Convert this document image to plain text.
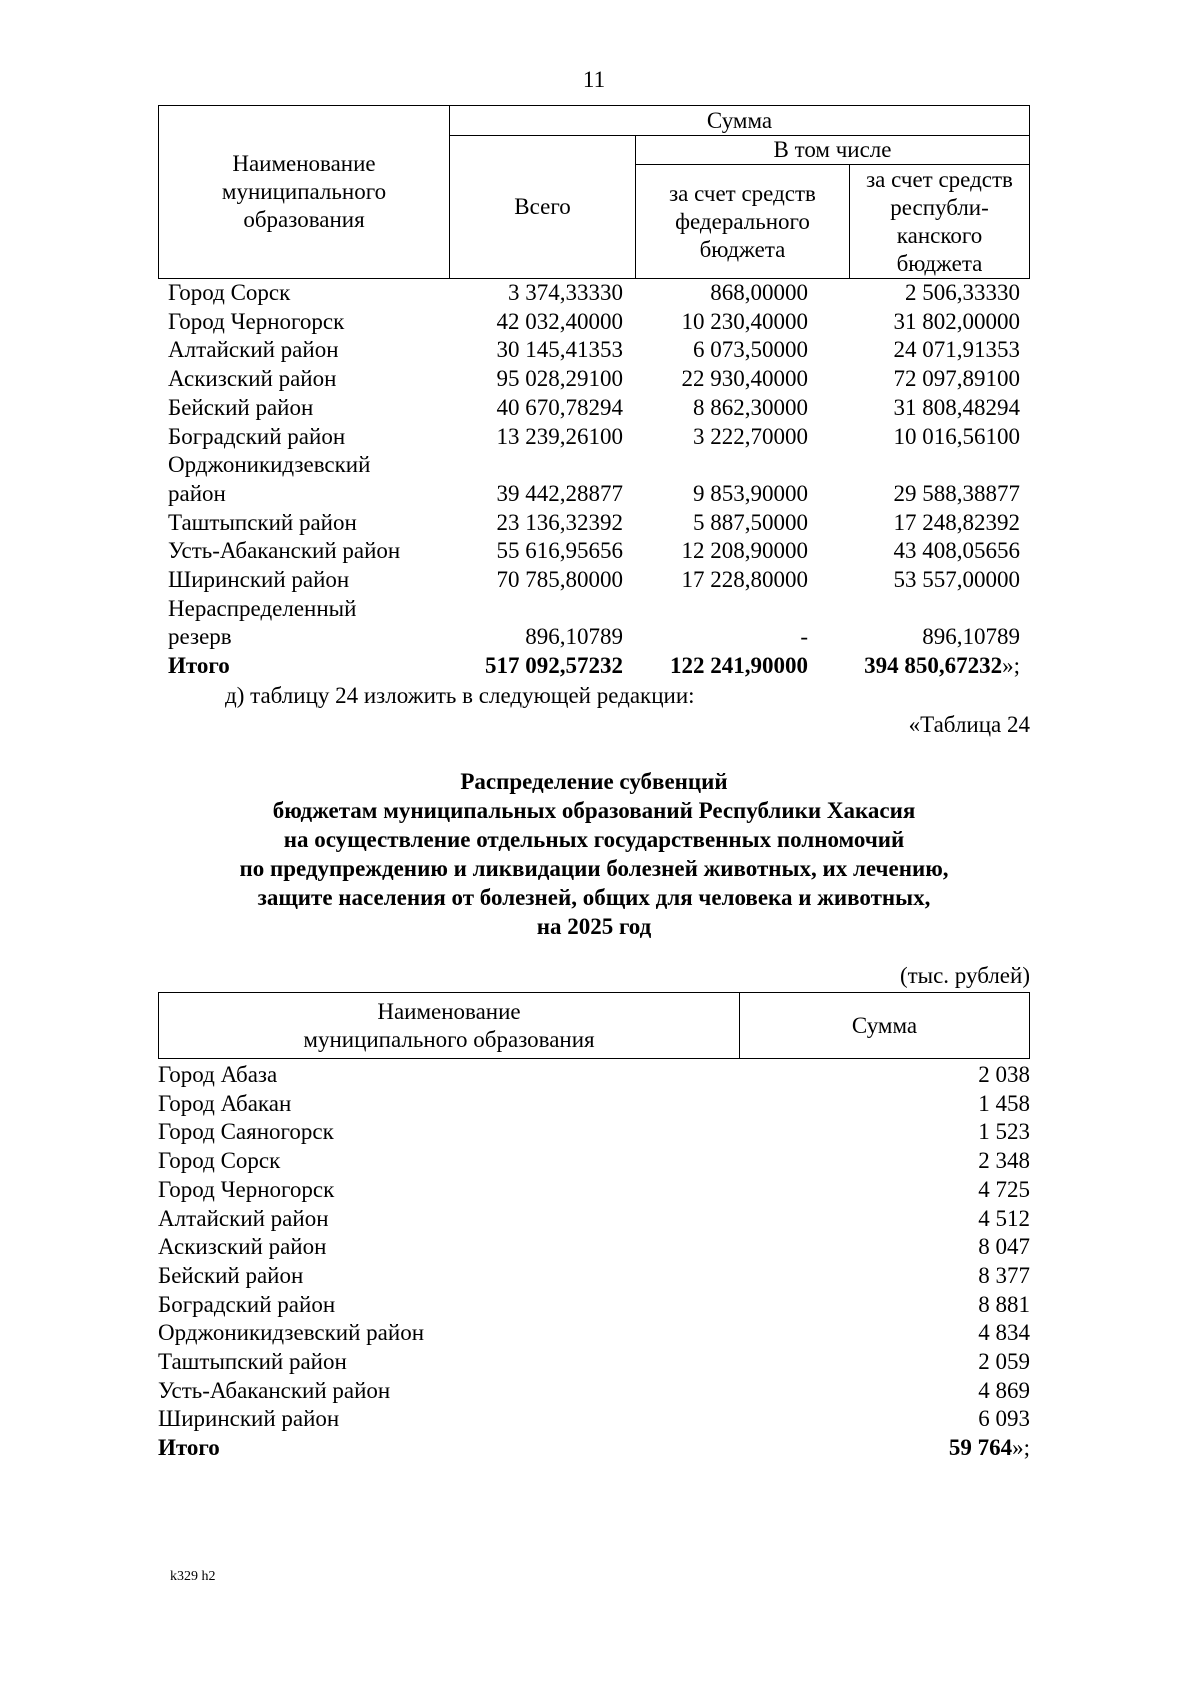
11
Наименование муниципального образования	Сумма		
	Всего	В том числе	
		за счет средств федерального бюджета	за счет средств республи-канского бюджета
Город Сорск	3 374,33330	868,00000	2 506,33330
Город Черногорск	42 032,40000	10 230,40000	31 802,00000
Алтайский район	30 145,41353	6 073,50000	24 071,91353
Аскизский район	95 028,29100	22 930,40000	72 097,89100
Бейский район	40 670,78294	8 862,30000	31 808,48294
Боградский район	13 239,26100	3 222,70000	10 016,56100
Орджоникидзевский			
район	39 442,28877	9 853,90000	29 588,38877
Таштыпский район	23 136,32392	5 887,50000	17 248,82392
Усть-Абаканский район	55 616,95656	12 208,90000	43 408,05656
Ширинский район	70 785,80000	17 228,80000	53 557,00000
Нераспределенный			
резерв	896,10789	-	896,10789
Итого	517 092,57232	122 241,90000	394 850,67232»;
д) таблицу 24 изложить в следующей редакции:
«Таблица 24
Распределение субвенций
бюджетам муниципальных образований Республики Хакасия
на осуществление отдельных государственных полномочий
по предупреждению и ликвидации болезней животных, их лечению,
защите населения от болезней, общих для человека и животных,
на 2025 год
(тыс. рублей)
Наименование
муниципального образования	Сумма
Город Абаза	2 038
Город Абакан	1 458
Город Саяногорск	1 523
Город Сорск	2 348
Город Черногорск	4 725
Алтайский район	4 512
Аскизский район	8 047
Бейский район	8 377
Боградский район	8 881
Орджоникидзевский район	4 834
Таштыпский район	2 059
Усть-Абаканский район	4 869
Ширинский район	6 093
Итого	59 764»;
k329 h2
